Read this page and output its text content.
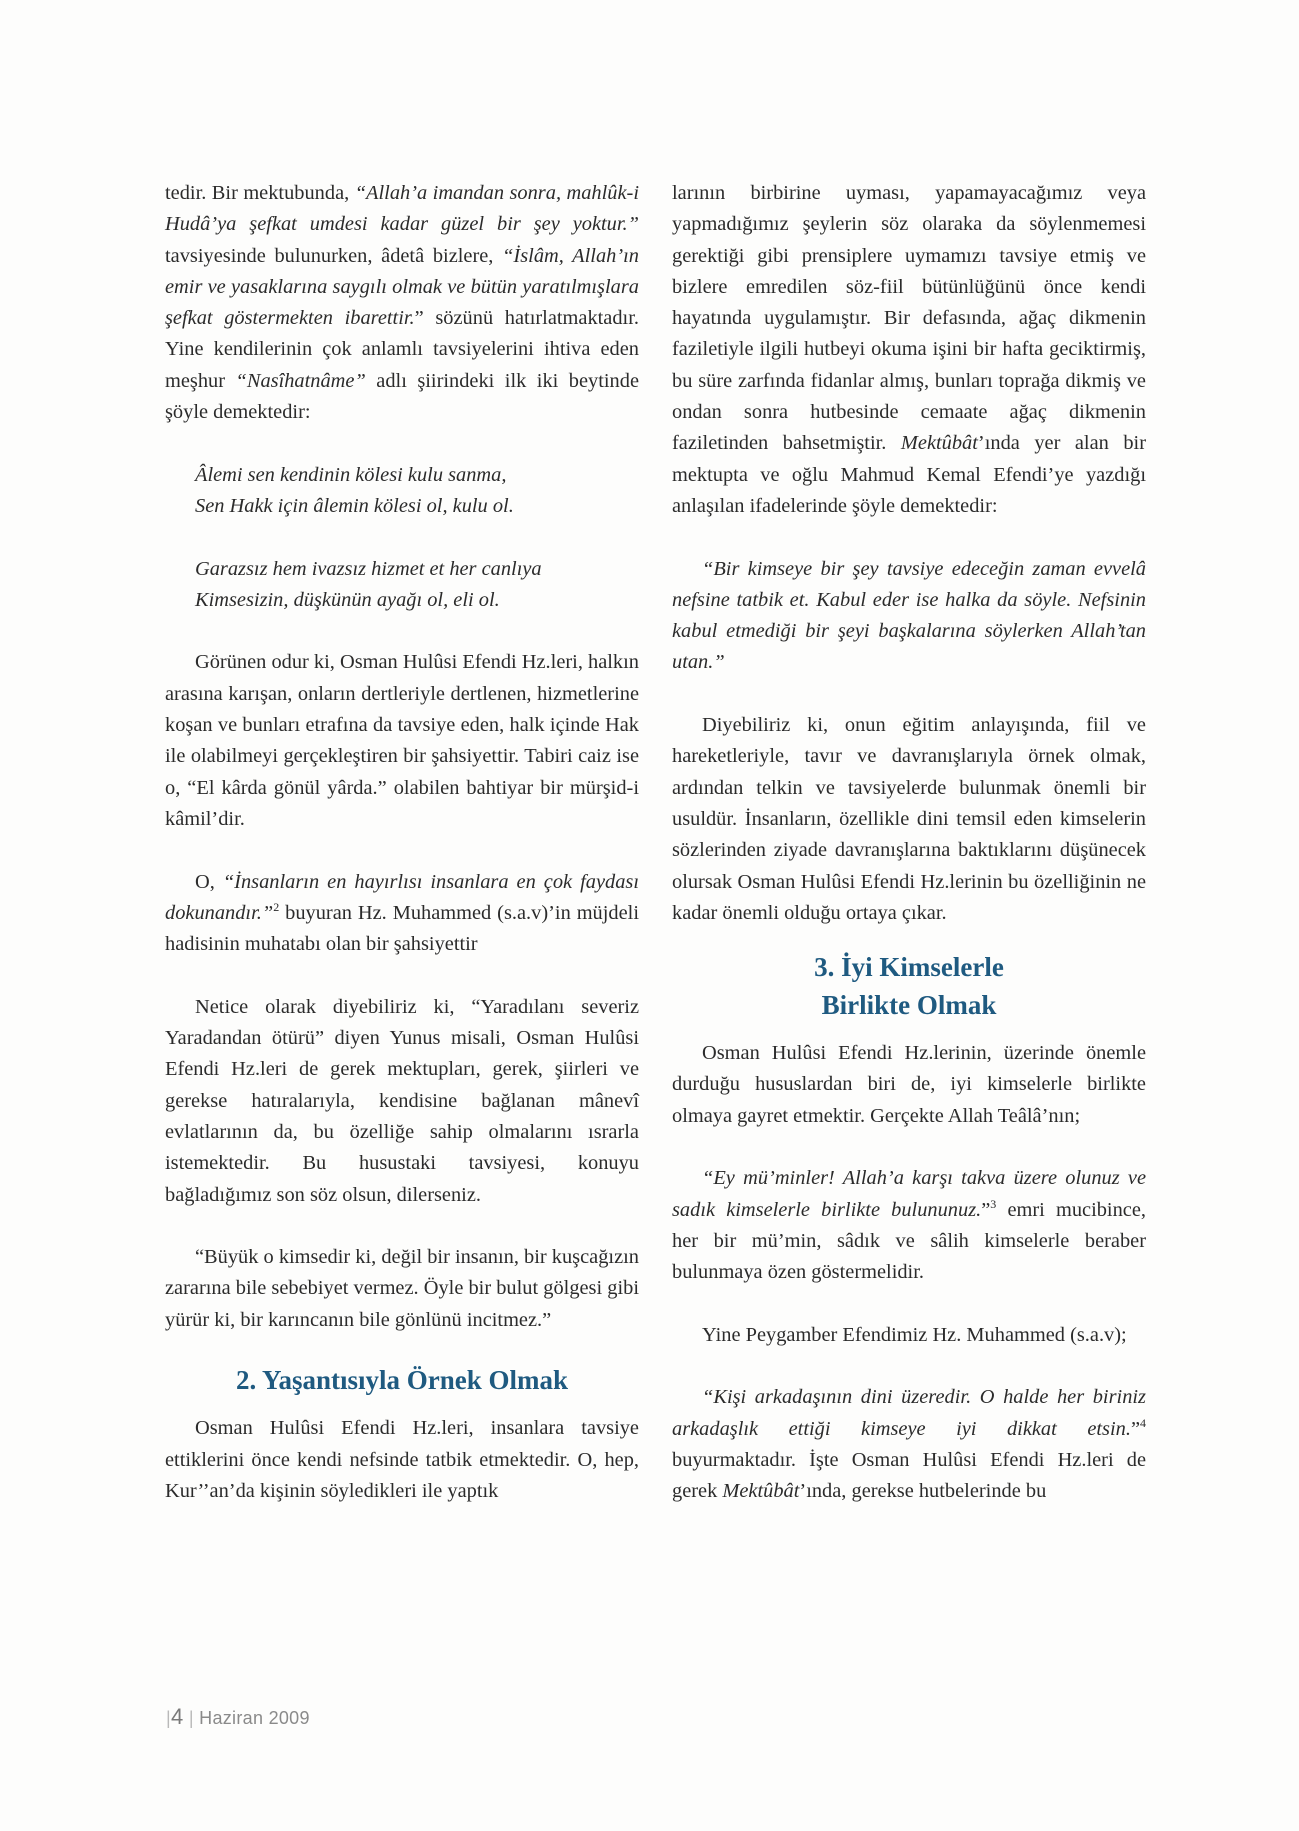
tedir. Bir mektubunda, “Allah’a imandan sonra, mahlûk-i Hudâ’ya şefkat umdesi kadar güzel bir şey yoktur.” tavsiyesinde bulunurken, âdetâ bizlere, “İslâm, Allah’ın emir ve yasaklarına saygılı olmak ve bütün yaratılmışlara şefkat göstermekten ibarettir.” sözünü hatırlatmaktadır. Yine kendilerinin çok anlamlı tavsiyelerini ihtiva eden meşhur “Nasîhatnâme” adlı şiirindeki ilk iki beytinde şöyle demektedir:

Âlemi sen kendinin kölesi kulu sanma,
Sen Hakk için âlemin kölesi ol, kulu ol.
Garazsız hem ivazsız hizmet et her canlıya
Kimsesizin, düşkünün ayağı ol, eli ol.

Görünen odur ki, Osman Hulûsi Efendi Hz.leri, halkın arasına karışan, onların dertleriyle dertlenen, hizmetlerine koşan ve bunları etrafına da tavsiye eden, halk içinde Hak ile olabilmeyi gerçekleştiren bir şahsiyettir. Tabiri caiz ise o, “El kârda gönül yârda.” olabilen bahtiyar bir mürşid-i kâmil’dir.

O, “İnsanların en hayırlısı insanlara en çok faydası dokunandır.”$^2$ buyuran Hz. Muhammed (s.a.v)’in müjdeli hadisinin muhatabı olan bir şahsiyettir

Netice olarak diyebiliriz ki, “Yaradılanı severiz Yaradandan ötürü” diyen Yunus misali, Osman Hulûsi Efendi Hz.leri de gerek mektupları, gerek, şiirleri ve gerekse hatıralarıyla, kendisine bağlanan mânevî evlatlarının da, bu özelliğe sahip olmalarını ısrarla istemektedir. Bu husustaki tavsiyesi, konuyu bağladığımız son söz olsun, dilerseniz.

“Büyük o kimsedir ki, değil bir insanın, bir kuşcağızın zararına bile sebebiyet vermez. Öyle bir bulut gölgesi gibi yürür ki, bir karıncanın bile gönlünü incitmez.”

2. Yaşantısıyla Örnek Olmak

Osman Hulûsi Efendi Hz.leri, insanlara tavsiye ettiklerini önce kendi nefsinde tatbik etmektedir. O, hep, Kur’’an’da kişinin söyledikleri ile yaptık

larının birbirine uyması, yapamayacağımız veya yapmadığımız şeylerin söz olaraka da söylenmemesi gerektiği gibi prensiplere uymamızı tavsiye etmiş ve bizlere emredilen söz-fiil bütünlüğünü önce kendi hayatında uygulamıştır. Bir defasında, ağaç dikmenin faziletiyle ilgili hutbeyi okuma işini bir hafta geciktirmiş, bu süre zarfında fidanlar almış, bunları toprağa dikmiş ve ondan sonra hutbesinde cemaate ağaç dikmenin faziletinden bahsetmiştir. Mektûbât’ında yer alan bir mektupta ve oğlu Mahmud Kemal Efendi’ye yazdığı anlaşılan ifadelerinde şöyle demektedir:

“Bir kimseye bir şey tavsiye edeceğin zaman evvelâ nefsine tatbik et. Kabul eder ise halka da söyle. Nefsinin kabul etmediği bir şeyi başkalarına söylerken Allah’tan utan.”

Diyebiliriz ki, onun eğitim anlayışında, fiil ve hareketleriyle, tavır ve davranışlarıyla örnek olmak, ardından telkin ve tavsiyelerde bulunmak önemli bir usuldür. İnsanların, özellikle dini temsil eden kimselerin sözlerinden ziyade davranışlarına baktıklarını düşünecek olursak Osman Hulûsi Efendi Hz.lerinin bu özelliğinin ne kadar önemli olduğu ortaya çıkar.

3. İyi Kimselerle
Birlikte Olmak

Osman Hulûsi Efendi Hz.lerinin, üzerinde önemle durduğu hususlardan biri de, iyi kimselerle birlikte olmaya gayret etmektir. Gerçekte Allah Teâlâ’nın;

“Ey mü’minler! Allah’a karşı takva üzere olunuz ve sadık kimselerle birlikte bulununuz.”$^3$ emri mucibince, her bir mü’min, sâdık ve sâlih kimselerle beraber bulunmaya özen göstermelidir.

Yine Peygamber Efendimiz Hz. Muhammed (s.a.v);

“Kişi arkadaşının dini üzeredir. O halde her biriniz arkadaşlık ettiği kimseye iyi dikkat etsin.”$^4$ buyurmaktadır. İşte Osman Hulûsi Efendi Hz.leri de gerek Mektûbât’ında, gerekse hutbelerinde bu

|4 | Haziran 2009
